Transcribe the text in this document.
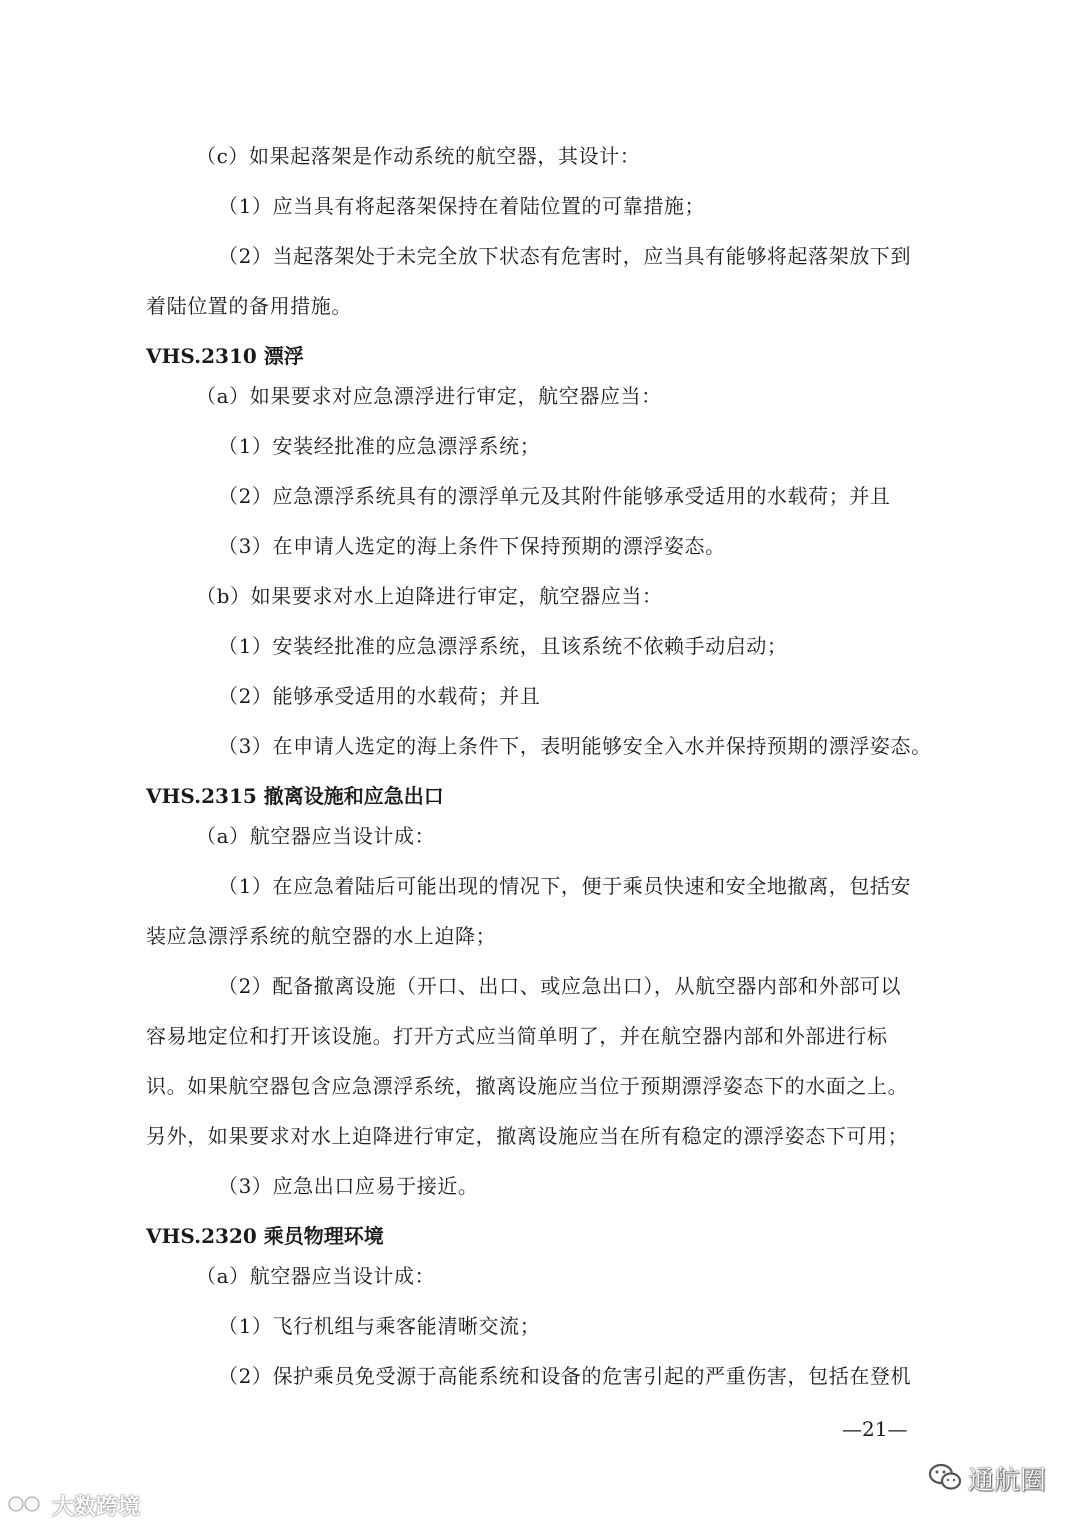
（c）如果起落架是作动系统的航空器，其设计：
（1）应当具有将起落架保持在着陆位置的可靠措施；
（2）当起落架处于未完全放下状态有危害时，应当具有能够将起落架放下到
着陆位置的备用措施。
VHS.2310 漂浮
（a）如果要求对应急漂浮进行审定，航空器应当：
（1）安装经批准的应急漂浮系统；
（2）应急漂浮系统具有的漂浮单元及其附件能够承受适用的水载荷；并且
（3）在申请人选定的海上条件下保持预期的漂浮姿态。
（b）如果要求对水上迫降进行审定，航空器应当：
（1）安装经批准的应急漂浮系统，且该系统不依赖手动启动；
（2）能够承受适用的水载荷；并且
（3）在申请人选定的海上条件下，表明能够安全入水并保持预期的漂浮姿态。
VHS.2315 撤离设施和应急出口
（a）航空器应当设计成：
（1）在应急着陆后可能出现的情况下，便于乘员快速和安全地撤离，包括安
装应急漂浮系统的航空器的水上迫降；
（2）配备撤离设施（开口、出口、或应急出口），从航空器内部和外部可以
容易地定位和打开该设施。打开方式应当简单明了，并在航空器内部和外部进行标
识。如果航空器包含应急漂浮系统，撤离设施应当位于预期漂浮姿态下的水面之上。
另外，如果要求对水上迫降进行审定，撤离设施应当在所有稳定的漂浮姿态下可用；
（3）应急出口应易于接近。
VHS.2320 乘员物理环境
（a）航空器应当设计成：
（1）飞行机组与乘客能清晰交流；
（2）保护乘员免受源于高能系统和设备的危害引起的严重伤害，包括在登机
—21—
大数跨境
通航圈
